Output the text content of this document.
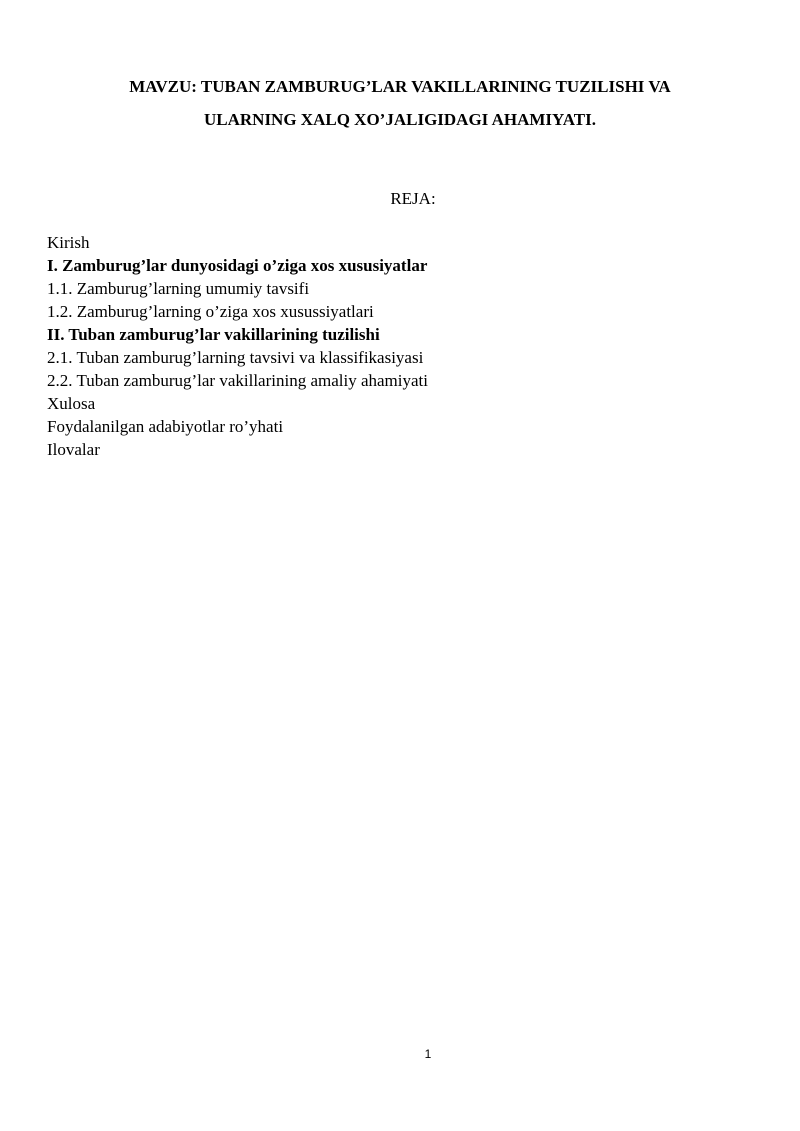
MAVZU: TUBAN ZAMBURUG’LAR VAKILLARINING TUZILISHI VA

ULARNING XALQ XO’JALIGIDAGI AHAMIYATI.

REJA:

Kirish
I. Zamburug’lar dunyosidagi o’ziga xos xususiyatlar
1.1. Zamburug’larning umumiy tavsifi
1.2. Zamburug’larning o’ziga xos xusussiyatlari
II. Tuban zamburug’lar vakillarining tuzilishi
2.1. Tuban zamburug’larning tavsivi va klassifikasiyasi
2.2. Tuban zamburug’lar vakillarining amaliy ahamiyati
Xulosa
Foydalanilgan adabiyotlar ro’yhati
Ilovalar

1
